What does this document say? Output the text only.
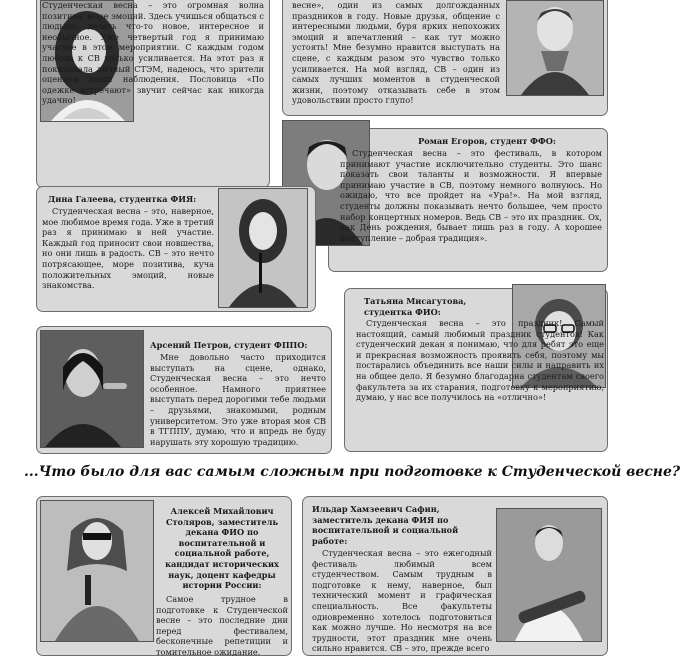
Студенческая весна – это огромная волна позитива, море эмоций. Здесь учишься общаться с людьми, делать что-то новое, интересное и необычное. Уже четвертый год я принимаю участие в этом мероприятии. С каждым годом любовь к СВ только усиливается. На этот раз я показывала личный СТЭМ, надеюсь, что зрители оценили наши наблюдения. Пословица «По одежке встречают» звучит сейчас как никогда удачно!

весне», один из самых долгожданных праздников в году. Новые друзья, общение с интересными людьми, буря ярких непохожих эмоций и впечатлений – как тут можно устоять! Мне безумно нравится выступать на сцене, с каждым разом это чувство только усиливается. На мой взгляд, СВ – один из самых лучших моментов в студенческой жизни, поэтому отказывать себе в этом удовольствии просто глупо!

Роман Егоров, студент ФФО:

Студенческая весна – это фестиваль, в котором принимают участие исключительно студенты. Это шанс показать свои таланты и возможности. Я впервые принимаю участие в СВ, поэтому немного волнуюсь. Но ожидаю, что все пройдет на «Ура!». На мой взгляд, студенты должны показывать нечто большее, чем просто набор концертных номеров. Ведь СВ – это их праздник. Ох, как День рождения, бывает лишь раз в году. А хорошее выступление – добрая традиция».

Дина Галеева, студентка ФИЯ:

Студенческая весна – это, наверное, мое любимое время года. Уже в третий раз я принимаю в ней участие. Каждый год приносит свои новшества, но они лишь в радость. СВ – это нечто потрясающее, море позитива, куча положительных эмоций, новые знакомства.

Татьяна Мисагутова, студентка ФИО:

Студенческая весна – это праздник! Самый настоящий, самый любимый праздник студентов! Как студенческий декан я понимаю, что для ребят это еще и прекрасная возможность проявить себя, поэтому мы постарались объединить все наши силы и направить их на общее дело. Я безумно благодарна студентам своего факультета за их старания, подготовку к мероприятию, думаю, у нас все получилось на «отлично»!

Арсений Петров, студент ФППО:

Мне довольно часто приходится выступать на сцене, однако, Студенческая весна – это нечто особенное. Намного приятнее выступать перед дорогими тебе людьми – друзьями, знакомыми, родным университетом. Это уже вторая моя СВ в ТГППУ, думаю, что и впредь не буду нарушать эту хорошую традицию.

...Что было для вас самым сложным при подготовке к Студенческой весне?

Алексей Михайлович Столяров, заместитель декана ФИО по воспитательной и социальной работе, кандидат исторических наук, доцент кафедры истории России:

Самое трудное в подготовке к Студенческой весне – это последние дни перед фестивалем, бесконечные репетиции и томительное ожидание.

Ильдар Хамзеевич Сафин, заместитель декана ФИЯ по воспитательной и социальной работе:

Студенческая весна – это ежегодный фестиваль любимый всем студенчеством. Самым трудным в подготовке к нему, наверное, был технический момент и графическая специальность. Все факультеты одновременно хотелось подготовиться как можно лучше. Но несмотря на все трудности, этот праздник мне очень сильно нравится. СВ – это, прежде всего
